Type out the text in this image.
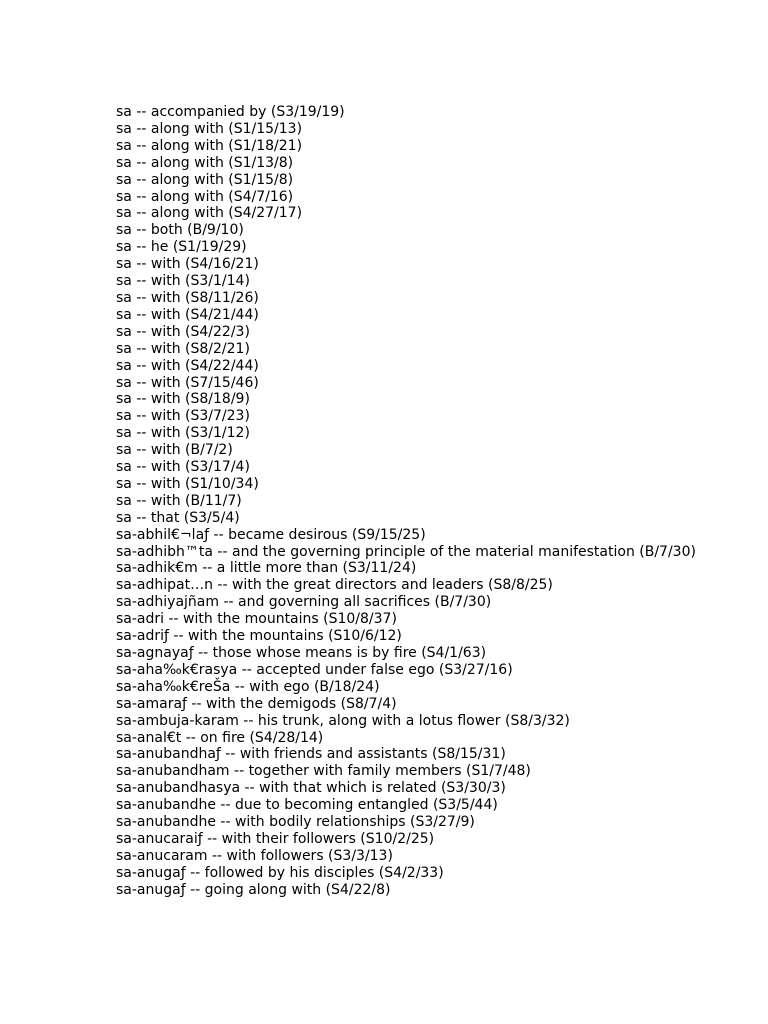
sa -- accompanied by (S3/19/19)
sa -- along with (S1/15/13)
sa -- along with (S1/18/21)
sa -- along with (S1/13/8)
sa -- along with (S1/15/8)
sa -- along with (S4/7/16)
sa -- along with (S4/27/17)
sa -- both (B/9/10)
sa -- he (S1/19/29)
sa -- with (S4/16/21)
sa -- with (S3/1/14)
sa -- with (S8/11/26)
sa -- with (S4/21/44)
sa -- with (S4/22/3)
sa -- with (S8/2/21)
sa -- with (S4/22/44)
sa -- with (S7/15/46)
sa -- with (S8/18/9)
sa -- with (S3/7/23)
sa -- with (S3/1/12)
sa -- with (B/7/2)
sa -- with (S3/17/4)
sa -- with (S1/10/34)
sa -- with (B/11/7)
sa -- that (S3/5/4)
sa-abhil€¬laƒ -- became desirous (S9/15/25)
sa-adhibh™ta -- and the governing principle of the material manifestation (B/7/30)
sa-adhik€m -- a little more than (S3/11/24)
sa-adhipat…n -- with the great directors and leaders (S8/8/25)
sa-adhiyajñam -- and governing all sacrifices (B/7/30)
sa-adri -- with the mountains (S10/8/37)
sa-adriƒ -- with the mountains (S10/6/12)
sa-agnayaƒ -- those whose means is by fire (S4/1/63)
sa-aha‰k€rasya -- accepted under false ego (S3/27/16)
sa-aha‰k€reŠa -- with ego (B/18/24)
sa-amaraƒ -- with the demigods (S8/7/4)
sa-ambuja-karam -- his trunk, along with a lotus flower (S8/3/32)
sa-anal€t -- on fire (S4/28/14)
sa-anubandhaƒ -- with friends and assistants (S8/15/31)
sa-anubandham -- together with family members (S1/7/48)
sa-anubandhasya -- with that which is related (S3/30/3)
sa-anubandhe -- due to becoming entangled (S3/5/44)
sa-anubandhe -- with bodily relationships (S3/27/9)
sa-anucaraiƒ -- with their followers (S10/2/25)
sa-anucaram -- with followers (S3/3/13)
sa-anugaƒ -- followed by his disciples (S4/2/33)
sa-anugaƒ -- going along with (S4/22/8)
